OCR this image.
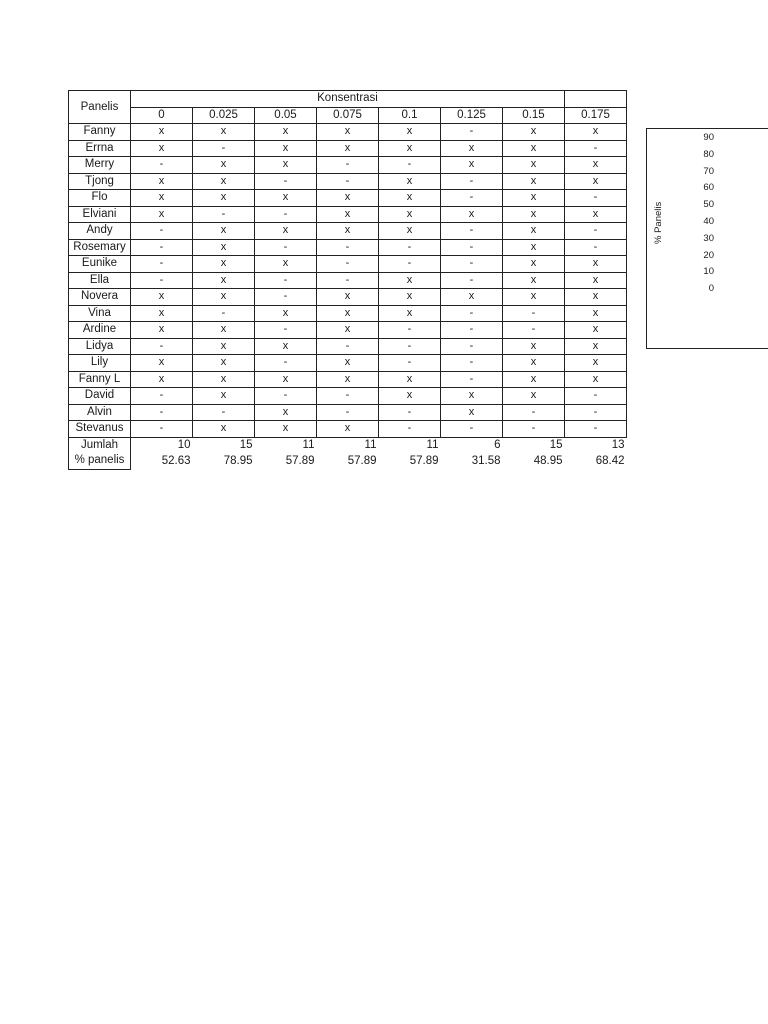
Panelis	Konsentrasi							
	0	0.025	0.05	0.075	0.1	0.125	0.15	0.175
Fanny	x	x	x	x	x	-	x	x
Errna	x	-	x	x	x	x	x	-
Merry	-	x	x	-	-	x	x	x
Tjong	x	x	-	-	x	-	x	x
Flo	x	x	x	x	x	-	x	-
Elviani	x	-	-	x	x	x	x	x
Andy	-	x	x	x	x	-	x	-
Rosemary	-	x	-	-	-	-	x	-
Eunike	-	x	x	-	-	-	x	x
Ella	-	x	-	-	x	-	x	x
Novera	x	x	-	x	x	x	x	x
Vina	x	-	x	x	x	-	-	x
Ardine	x	x	-	x	-	-	-	x
Lidya	-	x	x	-	-	-	x	x
Lily	x	x	-	x	-	-	x	x
Fanny L	x	x	x	x	x	-	x	x
David	-	x	-	-	x	x	x	-
Alvin	-	-	x	-	-	x	-	-
Stevanus	-	x	x	x	-	-	-	-
Jumlah	10	15	11	11	11	6	15	13
% panelis	52.63	78.95	57.89	57.89	57.89	31.58	48.95	68.42
% Panelis
90
80
70
60
50
40
30
20
10
0
